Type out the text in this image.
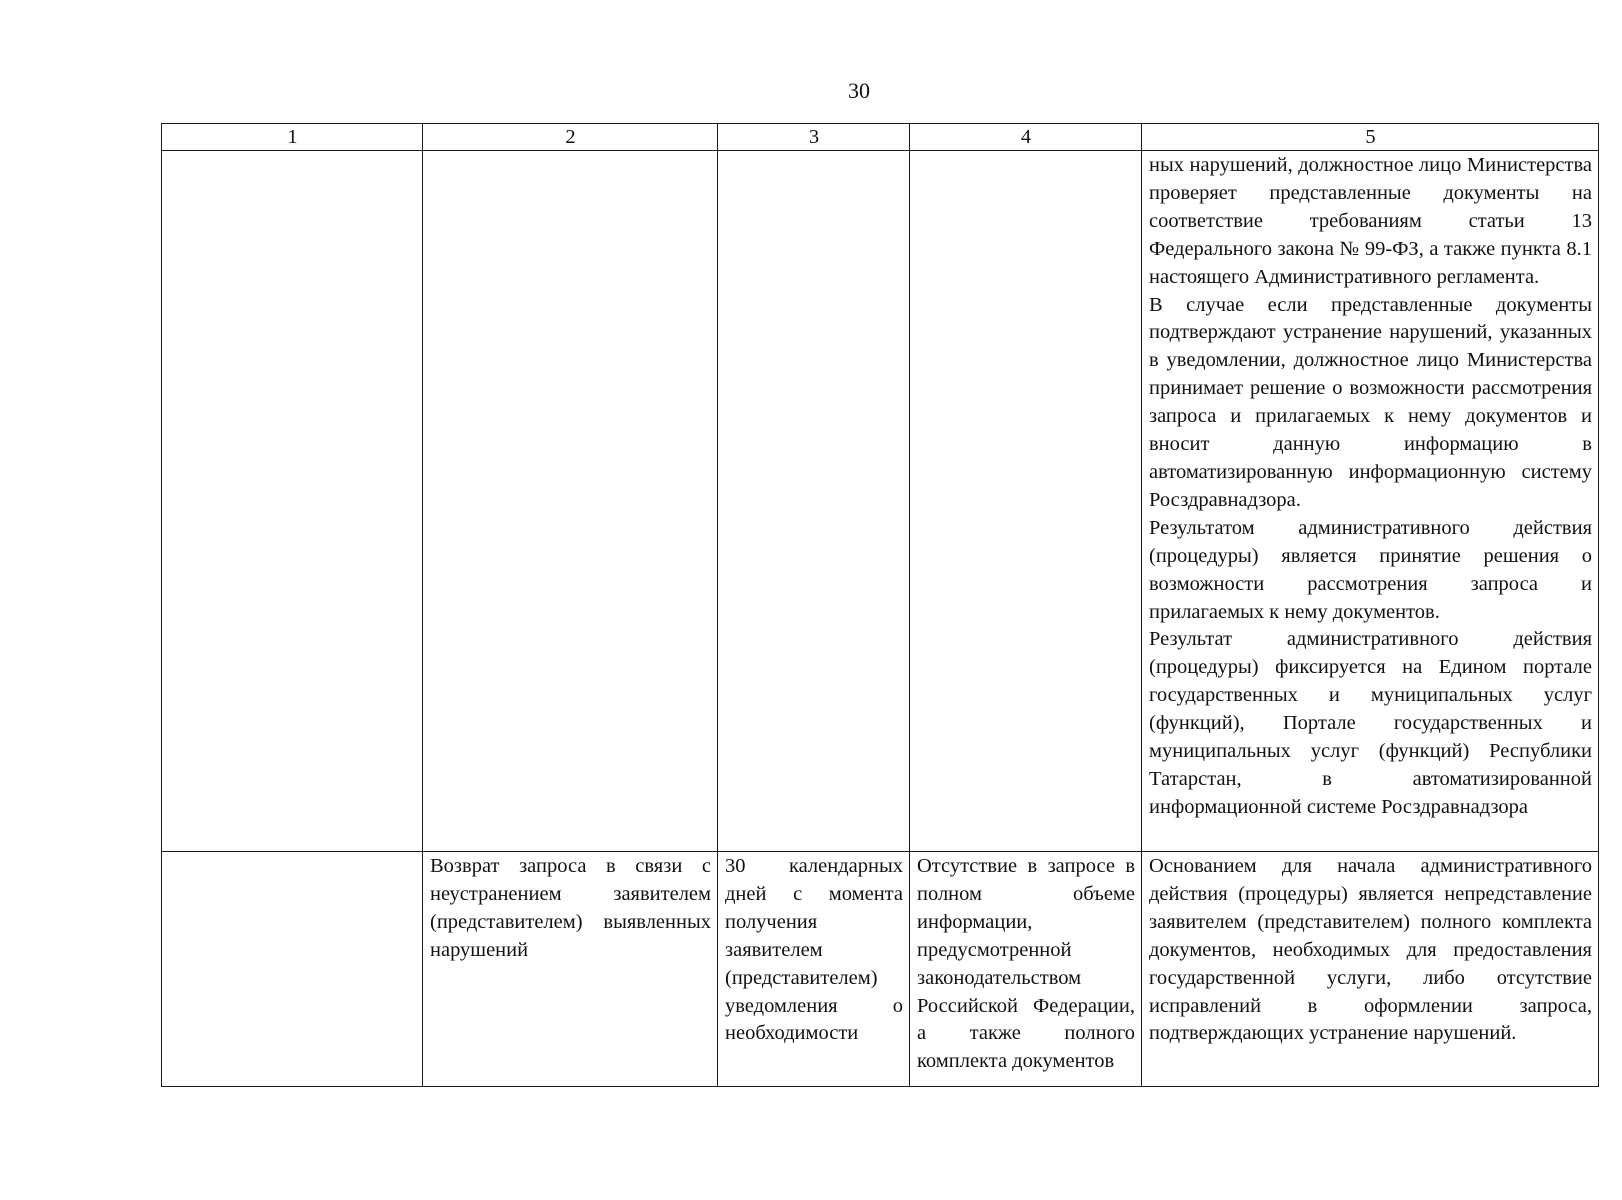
30
1	2	3	4	5

				ных нарушений, должностное лицо Министерства проверяет представленные документы на соответствие требованиям статьи 13 Федерального закона № 99-ФЗ, а также пункта 8.1 настоящего Административного регламента.
В случае если представленные документы подтверждают устранение нарушений, указанных в уведомлении, должностное лицо Министерства принимает решение о возможности рассмотрения запроса и прилагаемых к нему документов и вносит данную информацию в автоматизированную информационную систему Росздравнадзора.
Результатом административного действия (процедуры) является принятие решения о возможности рассмотрения запроса и прилагаемых к нему документов.
Результат административного действия (процедуры) фиксируется на Едином портале государственных и муниципальных услуг (функций), Портале государственных и муниципальных услуг (функций) Республики Татарстан, в автоматизированной информационной системе Росздравнадзора

	Возврат запроса в связи с неустранением заявителем (представителем) выявленных нарушений	30 календарных дней с момента получения заявителем (представителем) уведомления о необходимости	Отсутствие в запросе в полном объеме информации, предусмотренной законодательством Российской Федерации, а также полного комплекта документов	Основанием для начала административного действия (процедуры) является непредставление заявителем (представителем) полного комплекта документов, необходимых для предоставления государственной услуги, либо отсутствие исправлений в оформлении запроса, подтверждающих устранение нарушений.
